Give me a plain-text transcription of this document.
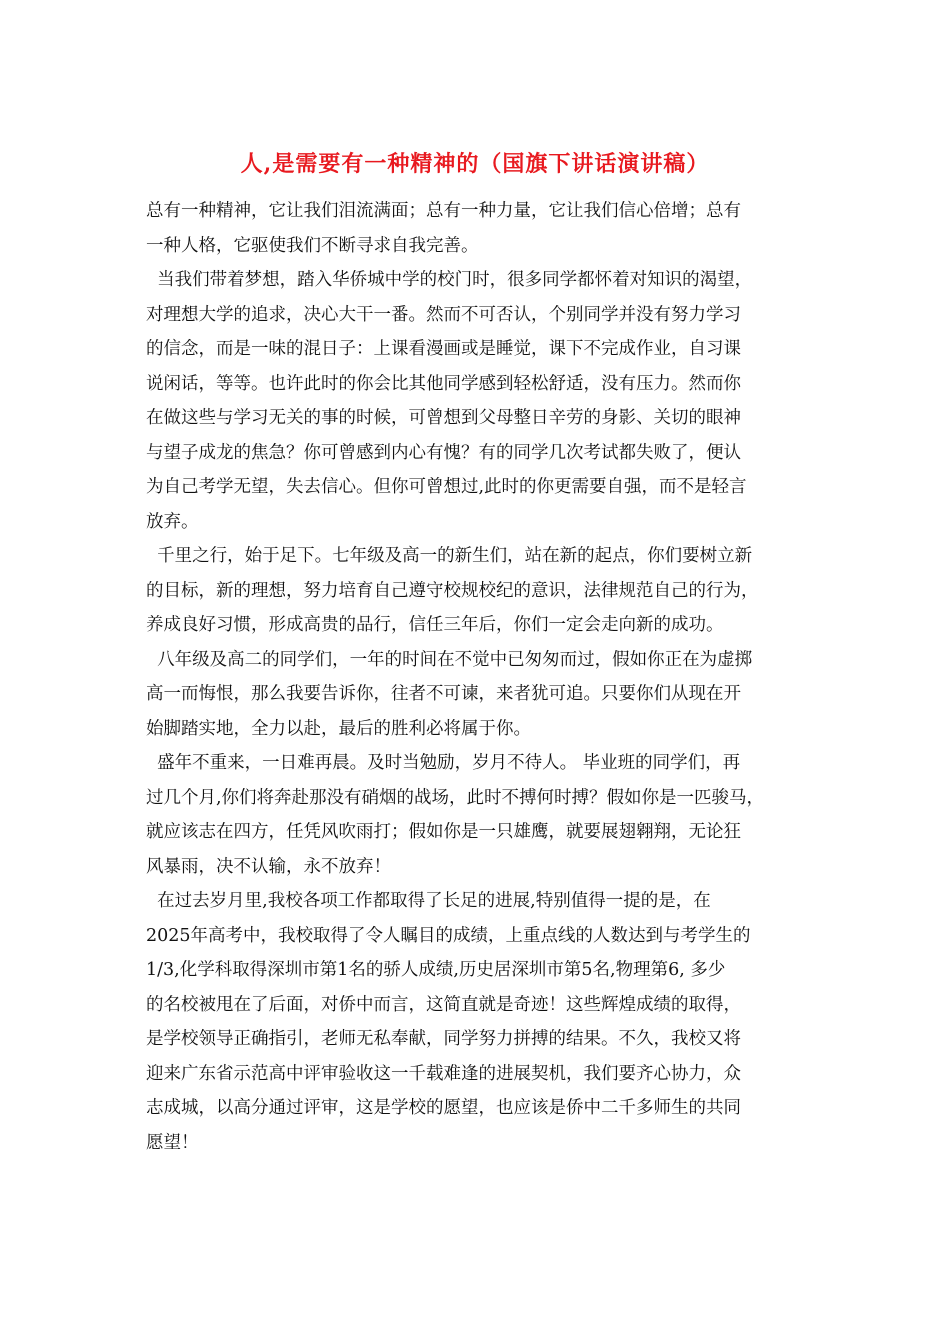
人,是需要有一种精神的（国旗下讲话演讲稿）
总有一种精神，它让我们泪流满面；总有一种力量，它让我们信心倍增；总有
一种人格，它驱使我们不断寻求自我完善。
当我们带着梦想，踏入华侨城中学的校门时，很多同学都怀着对知识的渴望，
对理想大学的追求，决心大干一番。然而不可否认，个别同学并没有努力学习
的信念，而是一味的混日子：上课看漫画或是睡觉，课下不完成作业，自习课
说闲话，等等。也许此时的你会比其他同学感到轻松舒适，没有压力。然而你
在做这些与学习无关的事的时候，可曾想到父母整日辛劳的身影、关切的眼神
与望子成龙的焦急？你可曾感到内心有愧？有的同学几次考试都失败了，便认
为自己考学无望，失去信心。但你可曾想过,此时的你更需要自强，而不是轻言
放弃。
千里之行，始于足下。七年级及高一的新生们，站在新的起点，你们要树立新
的目标，新的理想，努力培育自己遵守校规校纪的意识，法律规范自己的行为，
养成良好习惯，形成高贵的品行，信任三年后，你们一定会走向新的成功。
八年级及高二的同学们，一年的时间在不觉中已匆匆而过，假如你正在为虚掷
高一而悔恨，那么我要告诉你，往者不可谏，来者犹可追。只要你们从现在开
始脚踏实地，全力以赴，最后的胜利必将属于你。
盛年不重来，一日难再晨。及时当勉励，岁月不待人。 毕业班的同学们，再
过几个月,你们将奔赴那没有硝烟的战场，此时不搏何时搏？假如你是一匹骏马，
就应该志在四方，任凭风吹雨打；假如你是一只雄鹰，就要展翅翱翔，无论狂
风暴雨，决不认输，永不放弃！
在过去岁月里,我校各项工作都取得了长足的进展,特别值得一提的是，在
2025年高考中，我校取得了令人瞩目的成绩，上重点线的人数达到与考学生的
1/3,化学科取得深圳市第1名的骄人成绩,历史居深圳市第5名,物理第6, 多少
的名校被甩在了后面，对侨中而言，这简直就是奇迹！这些辉煌成绩的取得，
是学校领导正确指引，老师无私奉献，同学努力拼搏的结果。不久，我校又将
迎来广东省示范高中评审验收这一千载难逢的进展契机，我们要齐心协力，众
志成城，以高分通过评审，这是学校的愿望，也应该是侨中二千多师生的共同
愿望！
